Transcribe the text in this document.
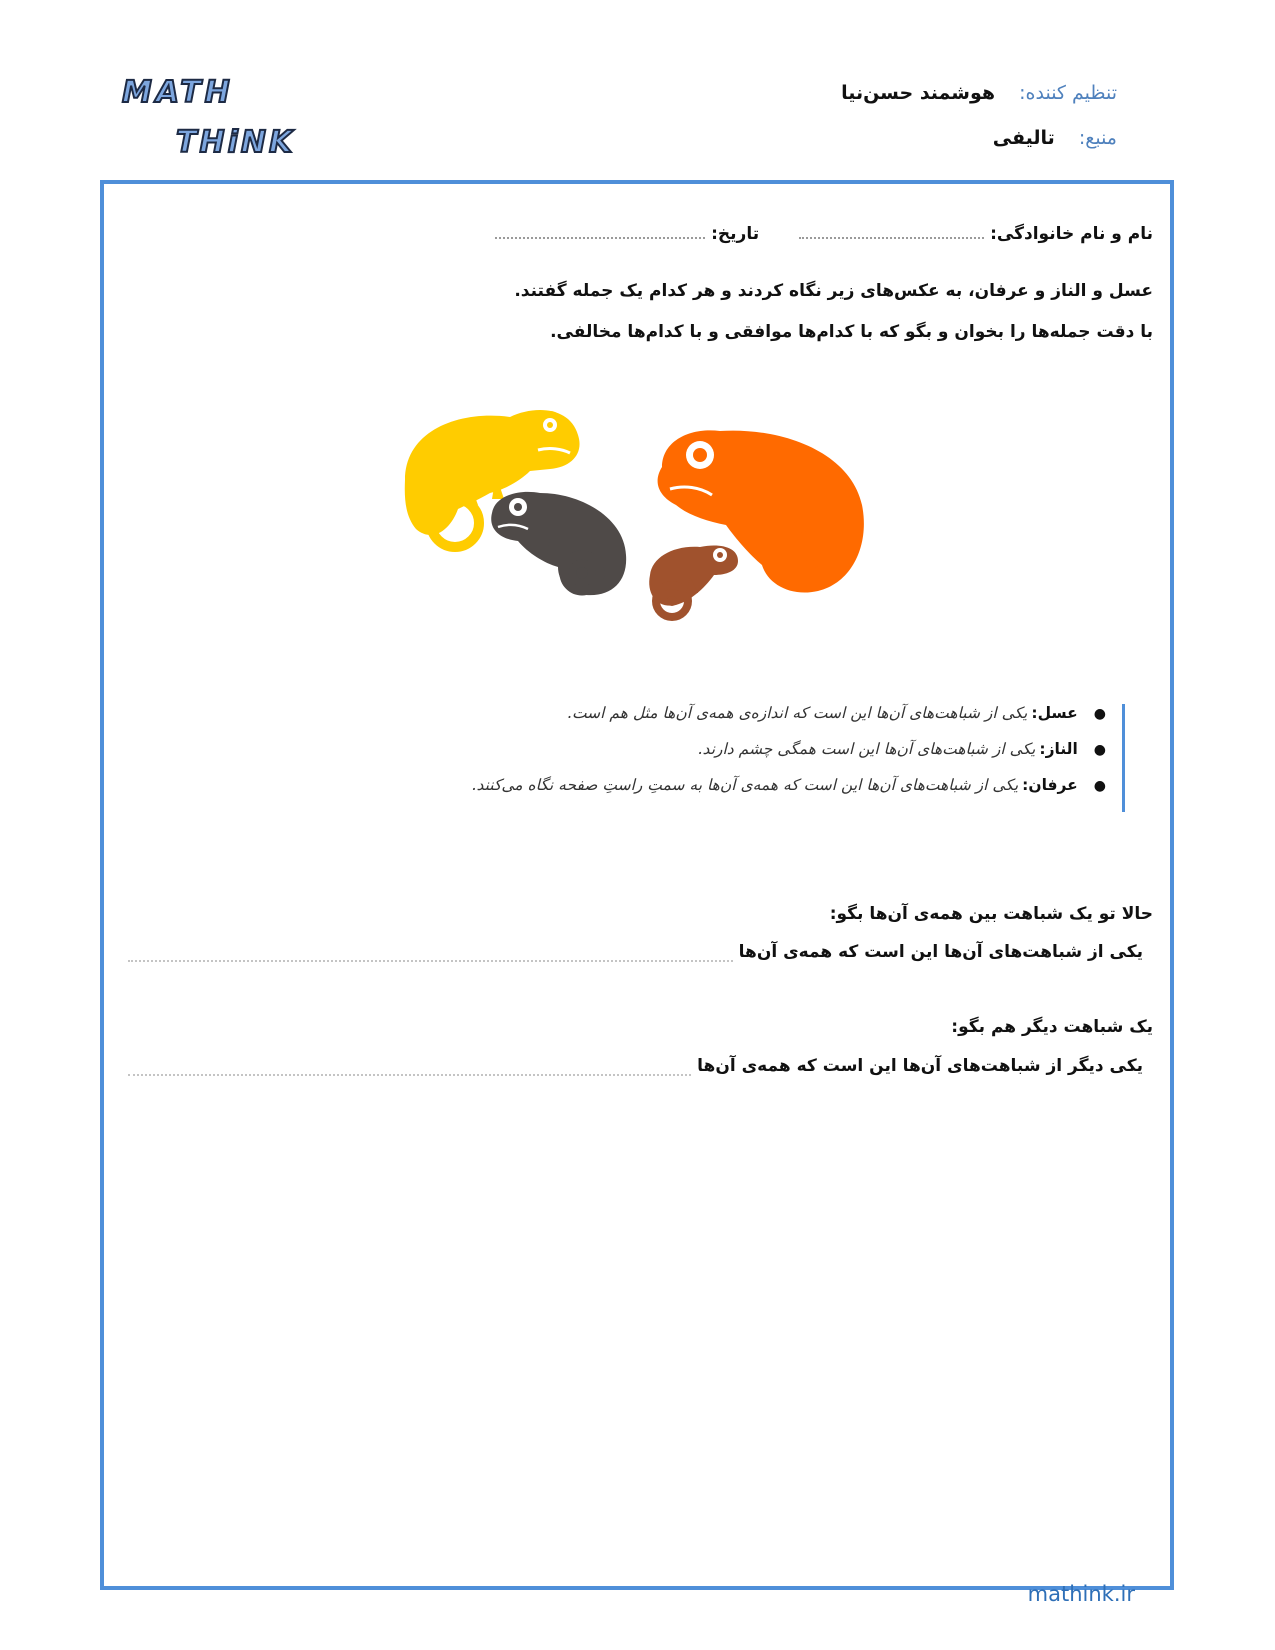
MATH
THiNK
تنظیم کننده: هوشمند حسن‌نیا
منبع: تالیفی
نام و نام خانوادگی:تاریخ:
عسل و الناز و عرفان، به عکس‌های زیر نگاه کردند و هر کدام یک جمله گفتند.
با دقت جمله‌ها را بخوان و بگو که با کدام‌ها موافقی و با کدام‌ها مخالفی.
●
عسل:
یکی از شباهت‌های آن‌ها این است که اندازه‌ی همه‌ی آن‌ها مثل هم است.
●
الناز:
یکی از شباهت‌های آن‌ها این است همگی چشم دارند.
●
عرفان:
یکی از شباهت‌های آن‌ها این است که همه‌ی آن‌ها به سمتِ راستِ صفحه نگاه می‌کنند.
حالا تو یک شباهت بین همه‌ی آن‌ها بگو:
یکی از شباهت‌های آن‌ها این است که همه‌ی آن‌ها
یک شباهت دیگر هم بگو:
یکی دیگر از شباهت‌های آن‌ها این است که همه‌ی آن‌ها
mathink.ir
